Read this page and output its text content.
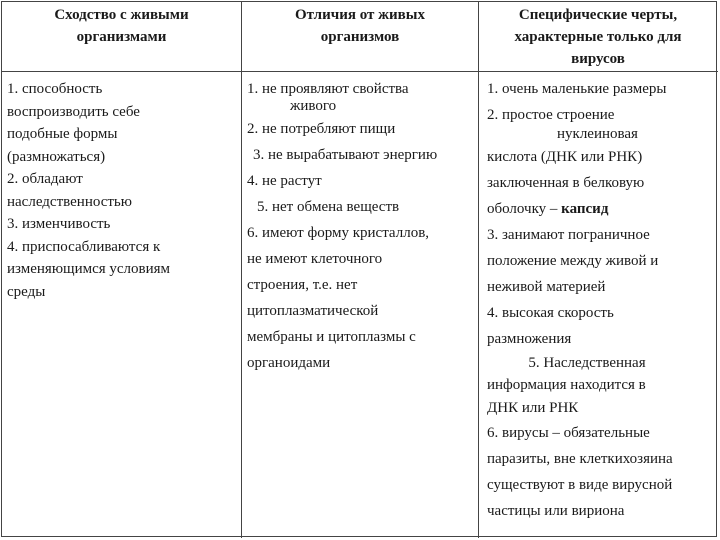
Сходство с живыми
организмами
Отличия от живых
организмов
Специфические черты,
характерные только для
вирусов
1. способность
воспроизводить себе
подобные формы
(размножаться)
2. обладают
наследственностью
3. изменчивость
4. приспосабливаются к
изменяющимся условиям
среды
1. не проявляют свойства
живого
2. не потребляют пищи
3. не вырабатывают энергию
4. не растут
5. нет обмена веществ
6. имеют форму кристаллов,
не имеют клеточного
строения, т.е. нет
цитоплазматической
мембраны и цитоплазмы с
органоидами
1. очень маленькие размеры
2. простое строение
нуклеиновая
кислота (ДНК или РНК)
заключенная в белковую
оболочку – капсид
3. занимают пограничное
положение между живой и
неживой материей
4. высокая скорость
размножения
5. Наследственная
информация находится в
ДНК или РНК
6. вирусы – обязательные
паразиты, вне клеткихозяина
существуют в виде вирусной
частицы или вириона
